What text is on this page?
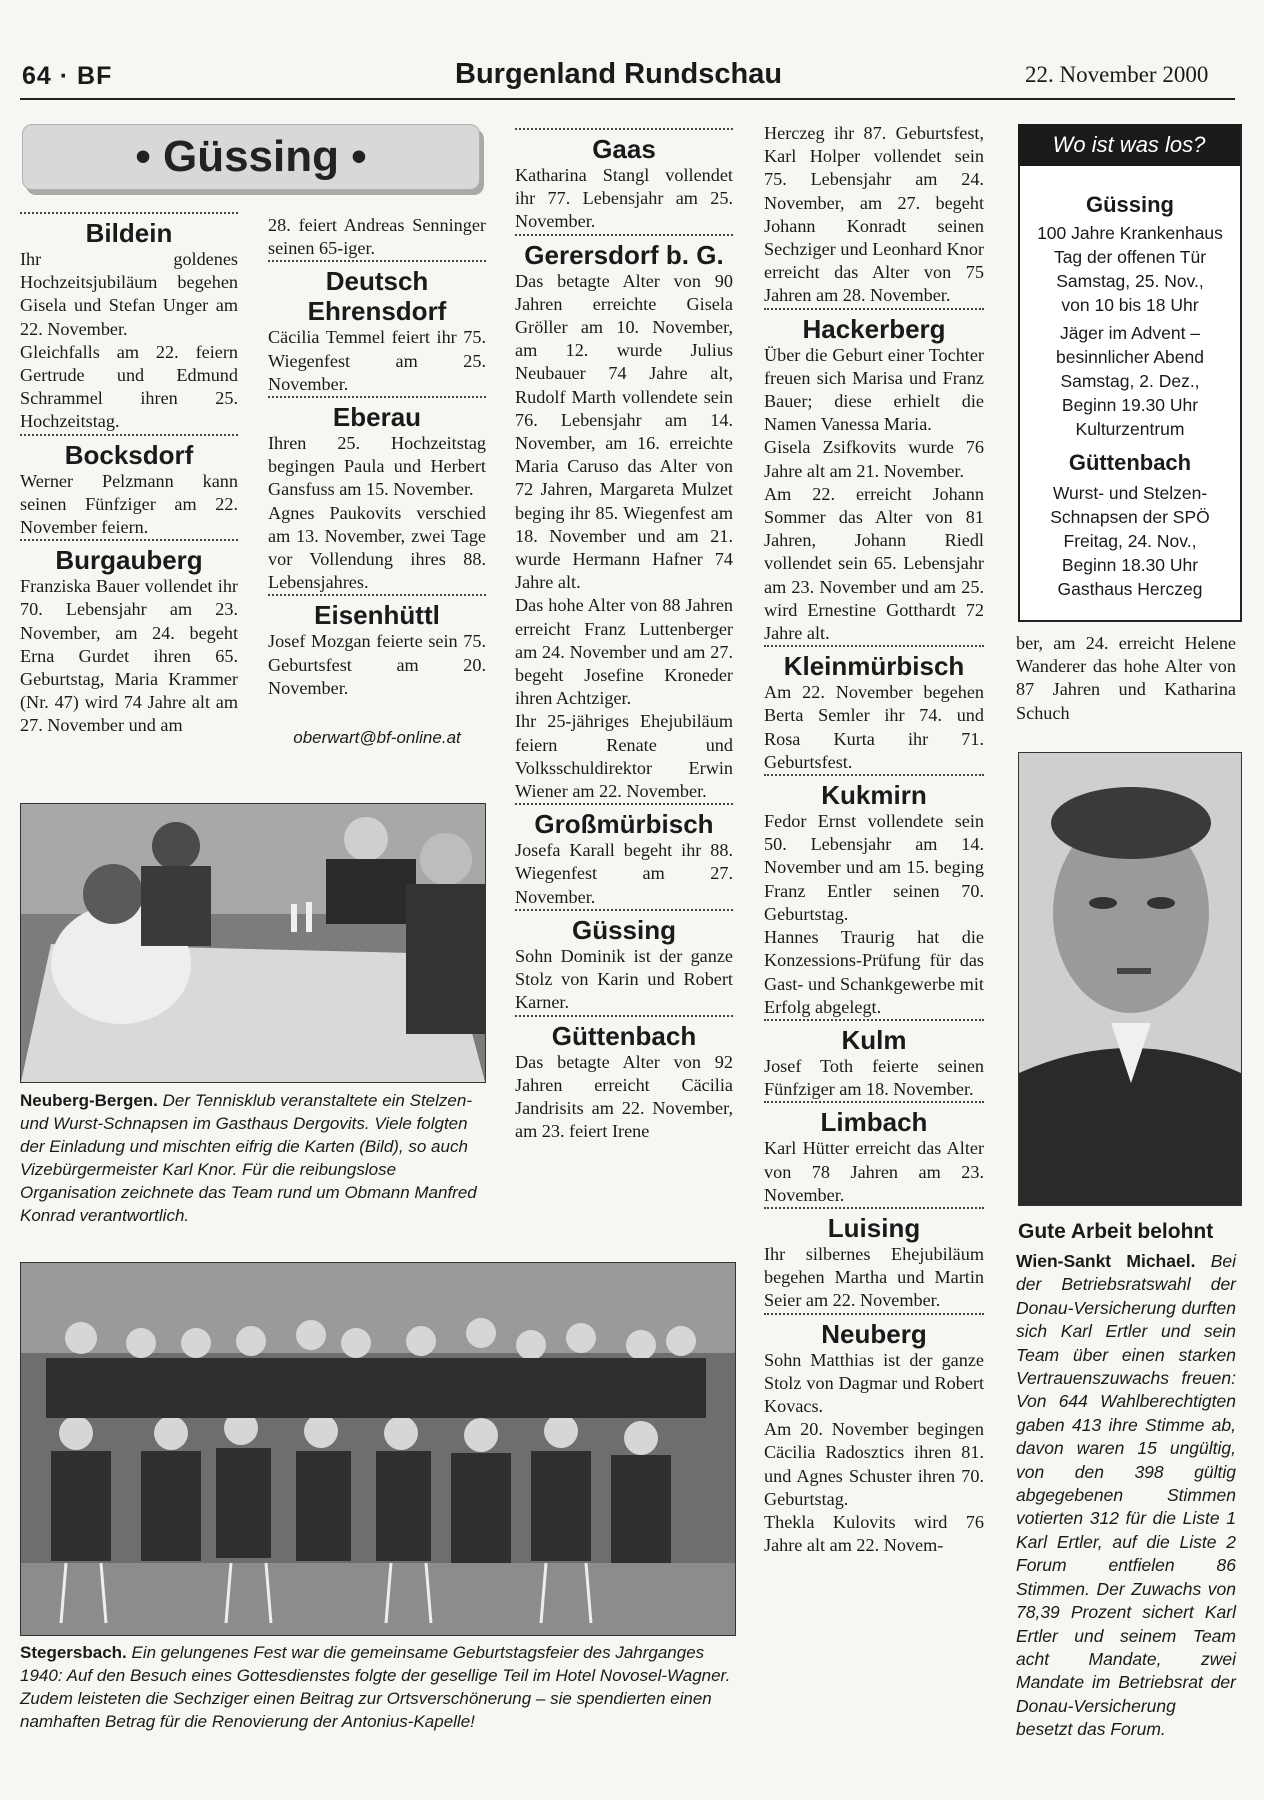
64 · BF	Burgenland Rundschau	22. November 2000
• Güssing •

Bildein

Ihr goldenes Hochzeitsjubiläum begehen Gisela und Stefan Unger am 22. November.
Gleichfalls am 22. feiern Gertrude und Edmund Schrammel ihren 25. Hochzeitstag.

Bocksdorf

Werner Pelzmann kann seinen Fünfziger am 22. November feiern.

Burgauberg

Franziska Bauer vollendet ihr 70. Lebensjahr am 23. November, am 24. begeht Erna Gurdet ihren 65. Geburtstag, Maria Krammer (Nr. 47) wird 74 Jahre alt am 27. November und am

28. feiert Andreas Senninger seinen 65-iger.

Deutsch Ehrensdorf

Cäcilia Temmel feiert ihr 75. Wiegenfest am 25. November.

Eberau

Ihren 25. Hochzeitstag begingen Paula und Herbert Gansfuss am 15. November.
Agnes Paukovits verschied am 13. November, zwei Tage vor Vollendung ihres 88. Lebensjahres.

Eisenhüttl

Josef Mozgan feierte sein 75. Geburtsfest am 20. November.

oberwart@bf-online.at

Neuberg-Bergen. Der Tennisklub veranstaltete ein Stelzen- und Wurst-Schnapsen im Gasthaus Dergovits. Viele folgten der Einladung und mischten eifrig die Karten (Bild), so auch Vizebürgermeister Karl Knor. Für die reibungslose Organisation zeichnete das Team rund um Obmann Manfred Konrad verantwortlich.
Stegersbach. Ein gelungenes Fest war die gemeinsame Geburtstagsfeier des Jahrganges 1940: Auf den Besuch eines Gottesdienstes folgte der gesellige Teil im Hotel Novosel-Wagner. Zudem leisteten die Sechziger einen Beitrag zur Ortsverschönerung – sie spendierten einen namhaften Betrag für die Renovierung der Antonius-Kapelle!

Gaas

Katharina Stangl vollendet ihr 77. Lebensjahr am 25. November.

Gerersdorf b. G.

Das betagte Alter von 90 Jahren erreichte Gisela Gröller am 10. November, am 12. wurde Julius Neubauer 74 Jahre alt, Rudolf Marth vollendete sein 76. Lebensjahr am 14. November, am 16. erreichte Maria Caruso das Alter von 72 Jahren, Margareta Mulzet beging ihr 85. Wiegenfest am 18. November und am 21. wurde Hermann Hafner 74 Jahre alt.
Das hohe Alter von 88 Jahren erreicht Franz Luttenberger am 24. November und am 27. begeht Josefine Kroneder ihren Achtziger.
Ihr 25-jähriges Ehejubiläum feiern Renate und Volksschuldirektor Erwin Wiener am 22. November.

Großmürbisch

Josefa Karall begeht ihr 88. Wiegenfest am 27. November.

Güssing

Sohn Dominik ist der ganze Stolz von Karin und Robert Karner.

Güttenbach

Das betagte Alter von 92 Jahren erreicht Cäcilia Jandrisits am 22. November, am 23. feiert Irene

Herczeg ihr 87. Geburtsfest, Karl Holper vollendet sein 75. Lebensjahr am 24. November, am 27. begeht Johann Konradt seinen Sechziger und Leonhard Knor erreicht das Alter von 75 Jahren am 28. November.

Hackerberg

Über die Geburt einer Tochter freuen sich Marisa und Franz Bauer; diese erhielt die Namen Vanessa Maria.
Gisela Zsifkovits wurde 76 Jahre alt am 21. November.
Am 22. erreicht Johann Sommer das Alter von 81 Jahren, Johann Riedl vollendet sein 65. Lebensjahr am 23. November und am 25. wird Ernestine Gotthardt 72 Jahre alt.

Kleinmürbisch

Am 22. November begehen Berta Semler ihr 74. und Rosa Kurta ihr 71. Geburtsfest.

Kukmirn

Fedor Ernst vollendete sein 50. Lebensjahr am 14. November und am 15. beging Franz Entler seinen 70. Geburtstag.
Hannes Traurig hat die Konzessions-Prüfung für das Gast- und Schankgewerbe mit Erfolg abgelegt.

Kulm

Josef Toth feierte seinen Fünfziger am 18. November.

Limbach

Karl Hütter erreicht das Alter von 78 Jahren am 23. November.

Luising

Ihr silbernes Ehejubiläum begehen Martha und Martin Seier am 22. November.

Neuberg

Sohn Matthias ist der ganze Stolz von Dagmar und Robert Kovacs.
Am 20. November begingen Cäcilia Radosztics ihren 81. und Agnes Schuster ihren 70. Geburtstag.
Thekla Kulovits wird 76 Jahre alt am 22. Novem-

Wo ist was los?
Güssing
100 Jahre Krankenhaus
Tag der offenen Tür
Samstag, 25. Nov.,
von 10 bis 18 Uhr
Jäger im Advent –
besinnlicher Abend
Samstag, 2. Dez.,
Beginn 19.30 Uhr
Kulturzentrum
Güttenbach
Wurst- und Stelzen-
Schnapsen der SPÖ
Freitag, 24. Nov.,
Beginn 18.30 Uhr
Gasthaus Herczeg

ber, am 24. erreicht Helene Wanderer das hohe Alter von 87 Jahren und Katharina Schuch

Gute Arbeit belohnt
Wien-Sankt Michael. Bei der Betriebsratswahl der Donau-Versicherung durften sich Karl Ertler und sein Team über einen starken Vertrauenszuwachs freuen: Von 644 Wahlberechtigten gaben 413 ihre Stimme ab, davon waren 15 ungültig, von den 398 gültig abgegebenen Stimmen votierten 312 für die Liste 1 Karl Ertler, auf die Liste 2 Forum entfielen 86 Stimmen. Der Zuwachs von 78,39 Prozent sichert Karl Ertler und seinem Team acht Mandate, zwei Mandate im Betriebsrat der Donau-Versicherung besetzt das Forum.
